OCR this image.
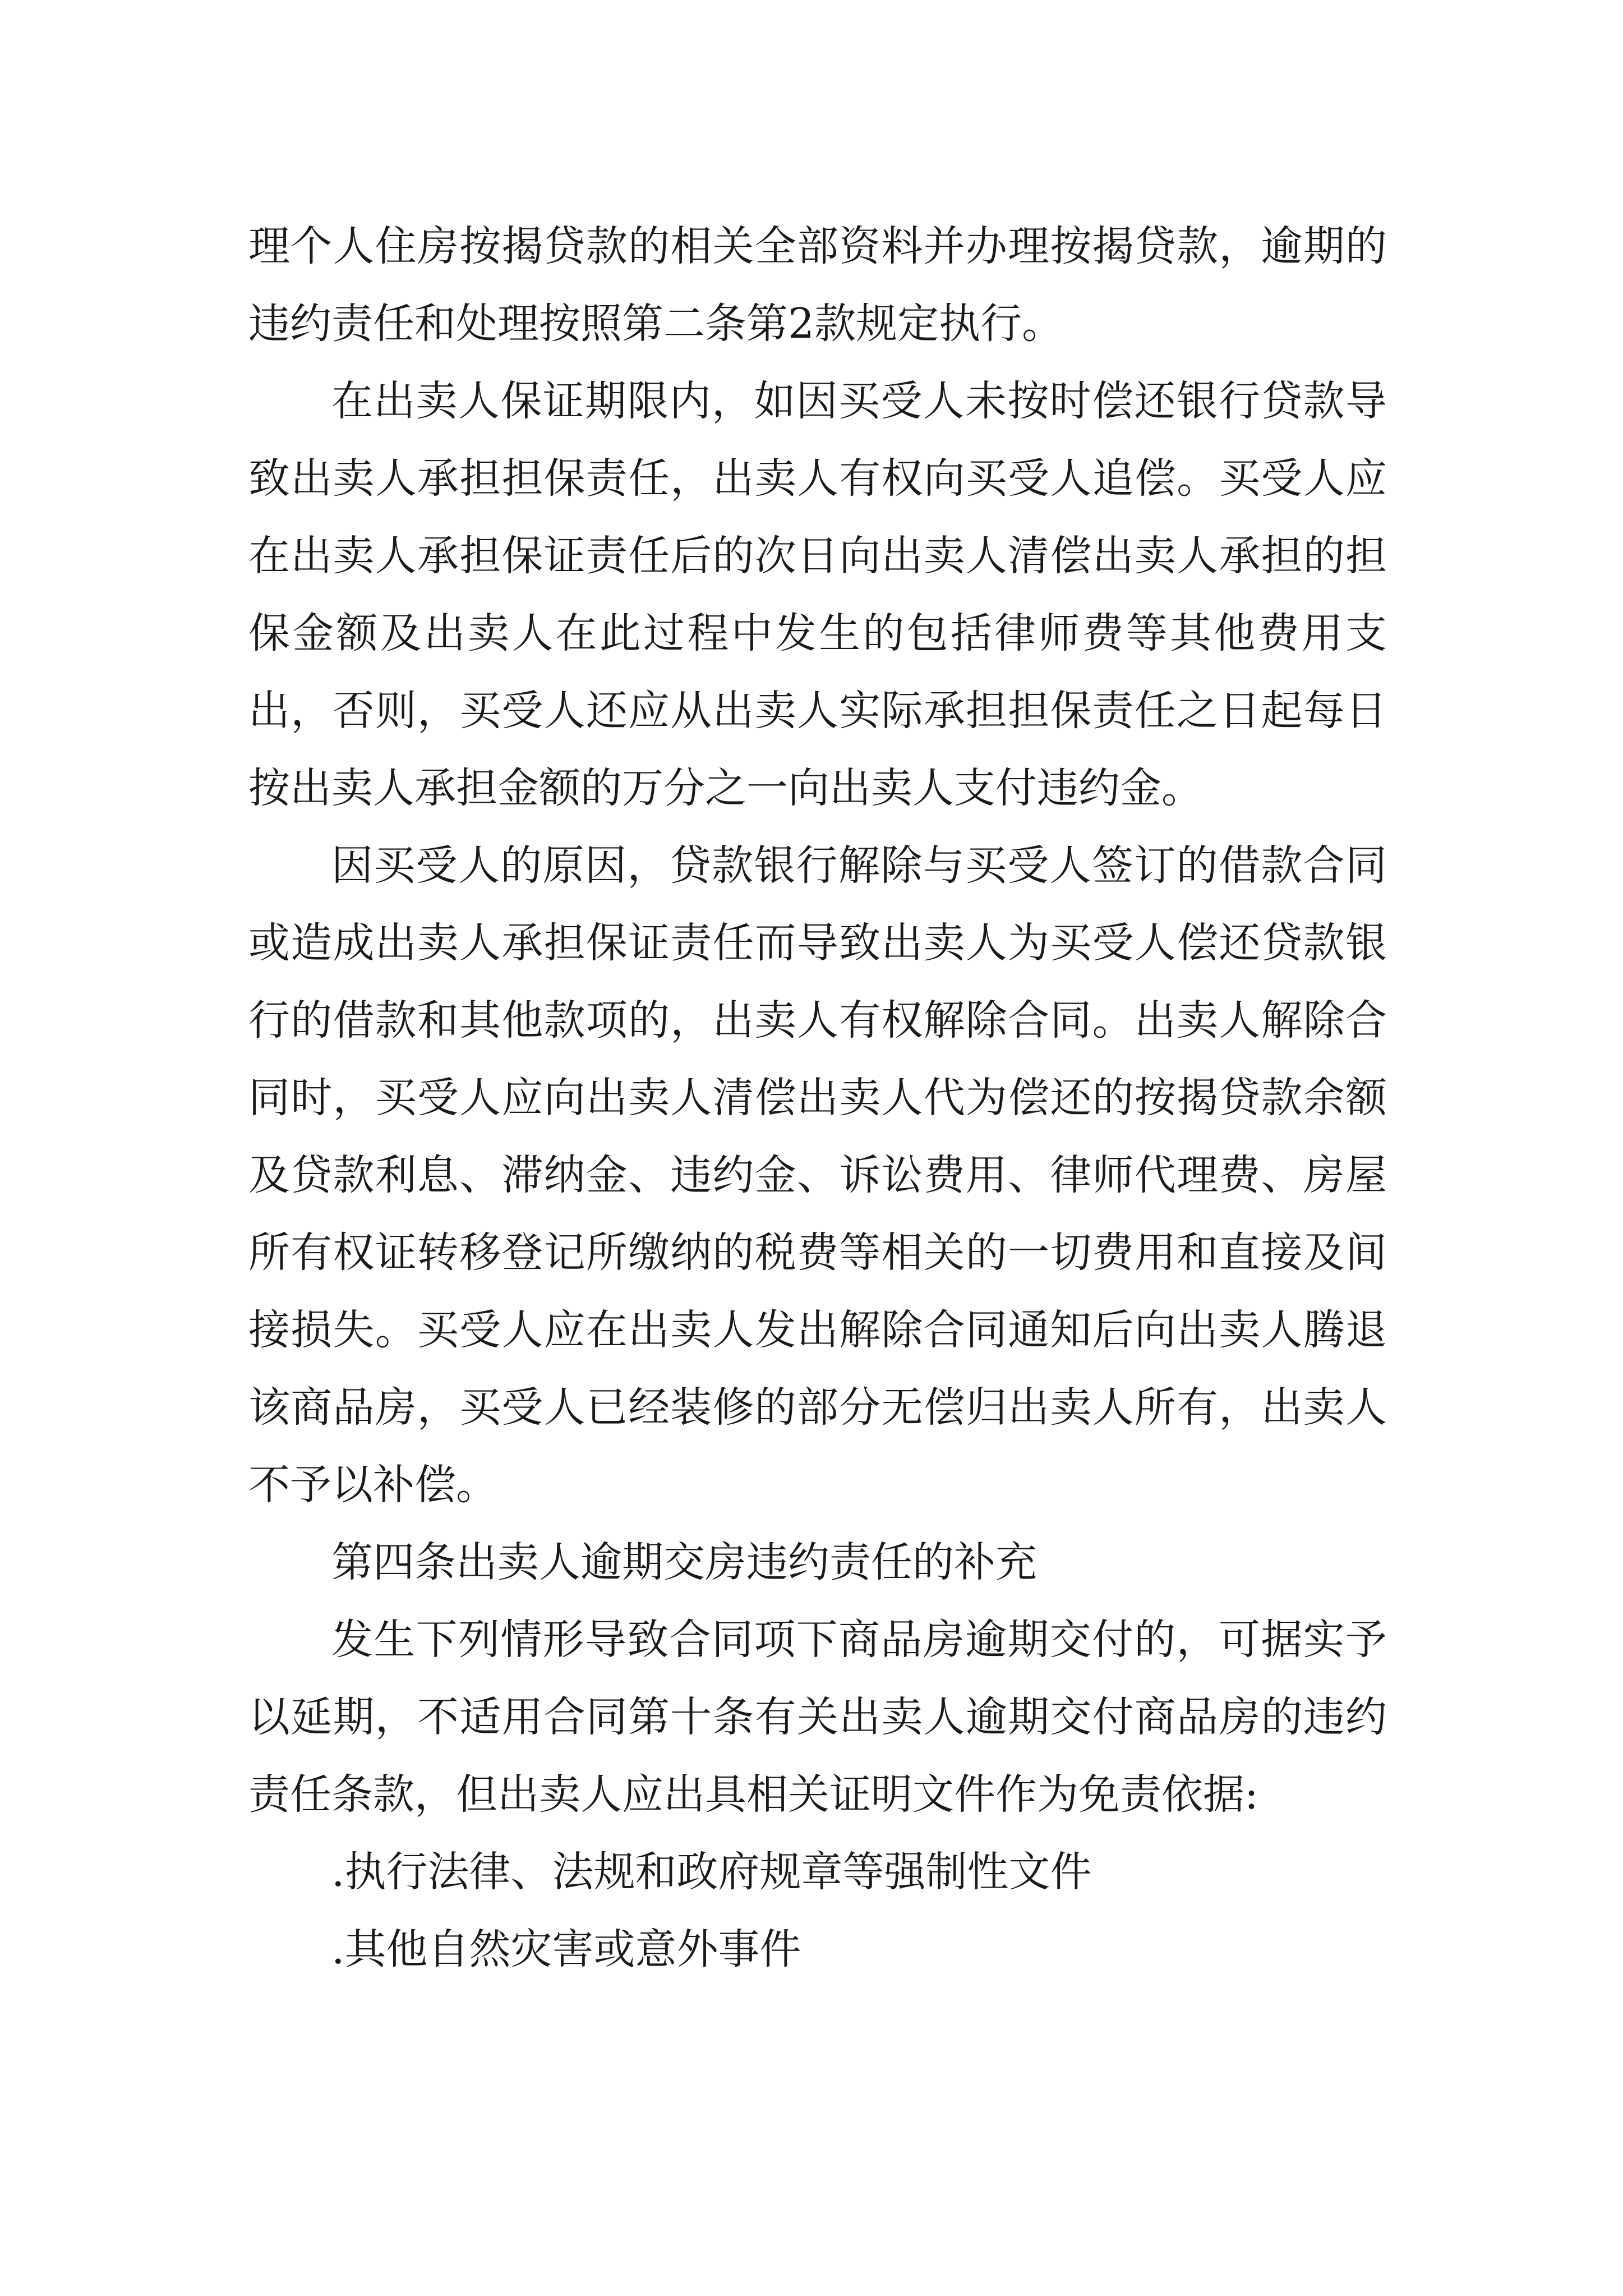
理个人住房按揭贷款的相关全部资料并办理按揭贷款，逾期的违约责任和处理按照第二条第2款规定执行。

在出卖人保证期限内，如因买受人未按时偿还银行贷款导致出卖人承担担保责任，出卖人有权向买受人追偿。买受人应在出卖人承担保证责任后的次日向出卖人清偿出卖人承担的担保金额及出卖人在此过程中发生的包括律师费等其他费用支出，否则，买受人还应从出卖人实际承担担保责任之日起每日按出卖人承担金额的万分之一向出卖人支付违约金。

因买受人的原因，贷款银行解除与买受人签订的借款合同或造成出卖人承担保证责任而导致出卖人为买受人偿还贷款银行的借款和其他款项的，出卖人有权解除合同。出卖人解除合同时，买受人应向出卖人清偿出卖人代为偿还的按揭贷款余额及贷款利息、滞纳金、违约金、诉讼费用、律师代理费、房屋所有权证转移登记所缴纳的税费等相关的一切费用和直接及间接损失。买受人应在出卖人发出解除合同通知后向出卖人腾退该商品房，买受人已经装修的部分无偿归出卖人所有，出卖人不予以补偿。

第四条出卖人逾期交房违约责任的补充

发生下列情形导致合同项下商品房逾期交付的，可据实予以延期，不适用合同第十条有关出卖人逾期交付商品房的违约责任条款，但出卖人应出具相关证明文件作为免责依据:

.执行法律、法规和政府规章等强制性文件

.其他自然灾害或意外事件
